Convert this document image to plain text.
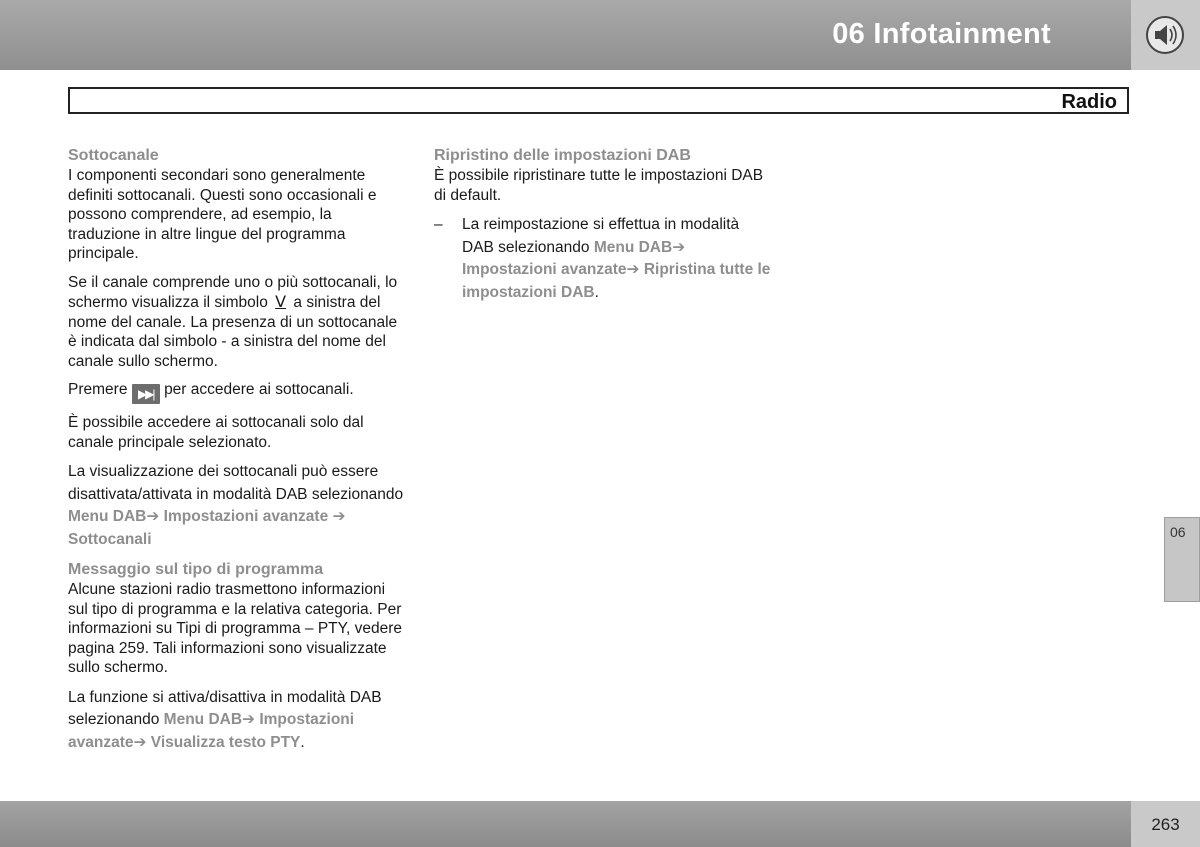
06 Infotainment
Radio
Sottocanale

I componenti secondari sono generalmente definiti sottocanali. Questi sono occasionali e possono comprendere, ad esempio, la traduzione in altre lingue del programma principale.

Se il canale comprende uno o più sottocanali, lo schermo visualizza il simbolo V a sinistra del nome del canale. La presenza di un sottocanale è indicata dal simbolo - a sinistra del nome del canale sullo schermo.

Premere ▶▶| per accedere ai sottocanali.

È possibile accedere ai sottocanali solo dal canale principale selezionato.

La visualizzazione dei sottocanali può essere disattivata/attivata in modalità DAB selezionando Menu DAB➔ Impostazioni avanzate ➔ Sottocanali

Messaggio sul tipo di programma

Alcune stazioni radio trasmettono informazioni sul tipo di programma e la relativa categoria. Per informazioni su Tipi di programma – PTY, vedere pagina 259. Tali informazioni sono visualizzate sullo schermo.

La funzione si attiva/disattiva in modalità DAB selezionando Menu DAB➔ Impostazioni avanzate➔ Visualizza testo PTY.

Ripristino delle impostazioni DAB

È possibile ripristinare tutte le impostazioni DAB di default.

– La reimpostazione si effettua in modalità DAB selezionando Menu DAB➔ Impostazioni avanzate➔ Ripristina tutte le impostazioni DAB.
06
263
